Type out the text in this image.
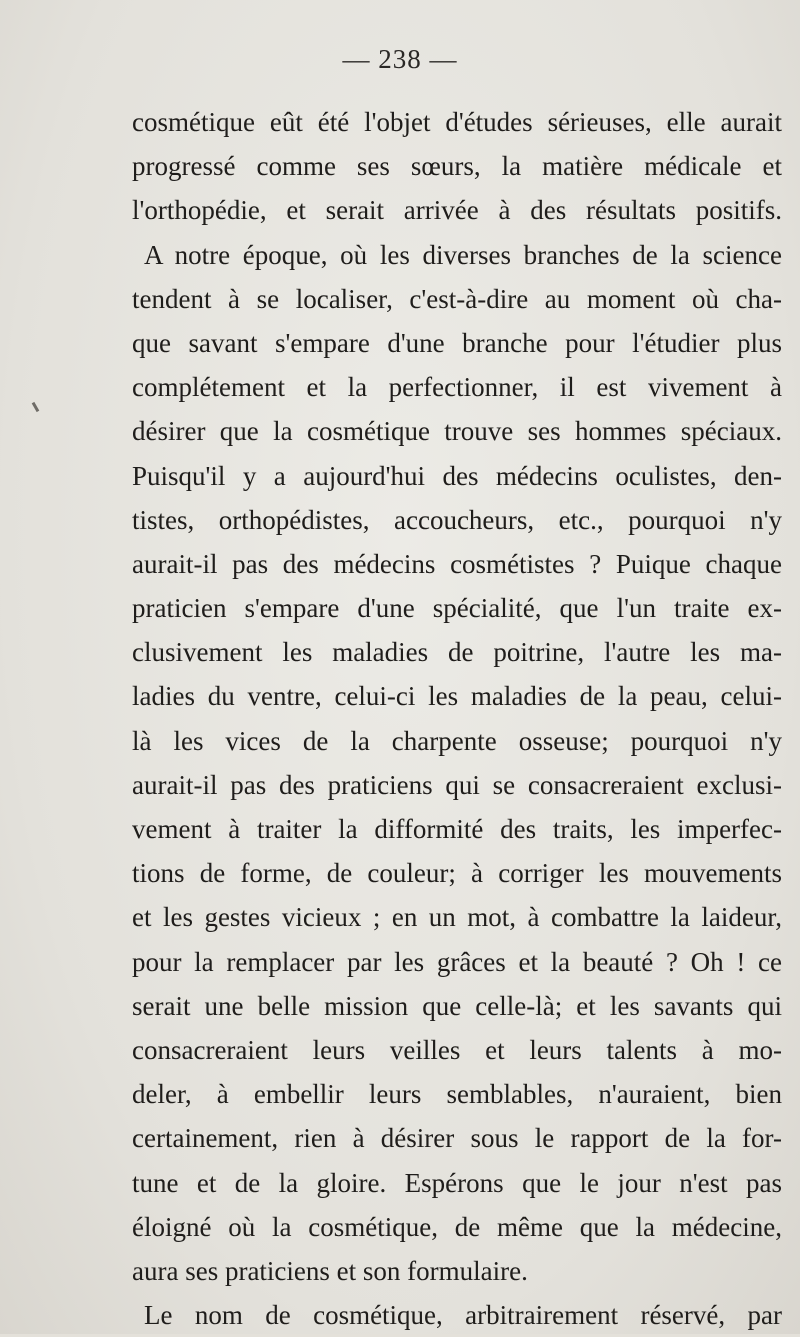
— 238 —
cosmétique eût été l'objet d'études sérieuses, elle aurait
progressé comme ses sœurs, la matière médicale et
l'orthopédie, et serait arrivée à des résultats positifs.
A notre époque, où les diverses branches de la science
tendent à se localiser, c'est-à-dire au moment où cha-
que savant s'empare d'une branche pour l'étudier plus
complétement et la perfectionner, il est vivement à
désirer que la cosmétique trouve ses hommes spéciaux.
Puisqu'il y a aujourd'hui des médecins oculistes, den-
tistes, orthopédistes, accoucheurs, etc., pourquoi n'y
aurait-il pas des médecins cosmétistes ? Puique chaque
praticien s'empare d'une spécialité, que l'un traite ex-
clusivement les maladies de poitrine, l'autre les ma-
ladies du ventre, celui-ci les maladies de la peau, celui-
là les vices de la charpente osseuse; pourquoi n'y
aurait-il pas des praticiens qui se consacreraient exclusi-
vement à traiter la difformité des traits, les imperfec-
tions de forme, de couleur; à corriger les mouvements
et les gestes vicieux ; en un mot, à combattre la laideur,
pour la remplacer par les grâces et la beauté ? Oh ! ce
serait une belle mission que celle-là; et les savants qui
consacreraient leurs veilles et leurs talents à mo-
deler, à embellir leurs semblables, n'auraient, bien
certainement, rien à désirer sous le rapport de la for-
tune et de la gloire. Espérons que le jour n'est pas
éloigné où la cosmétique, de même que la médecine,
aura ses praticiens et son formulaire.
Le nom de cosmétique, arbitrairement réservé, par
